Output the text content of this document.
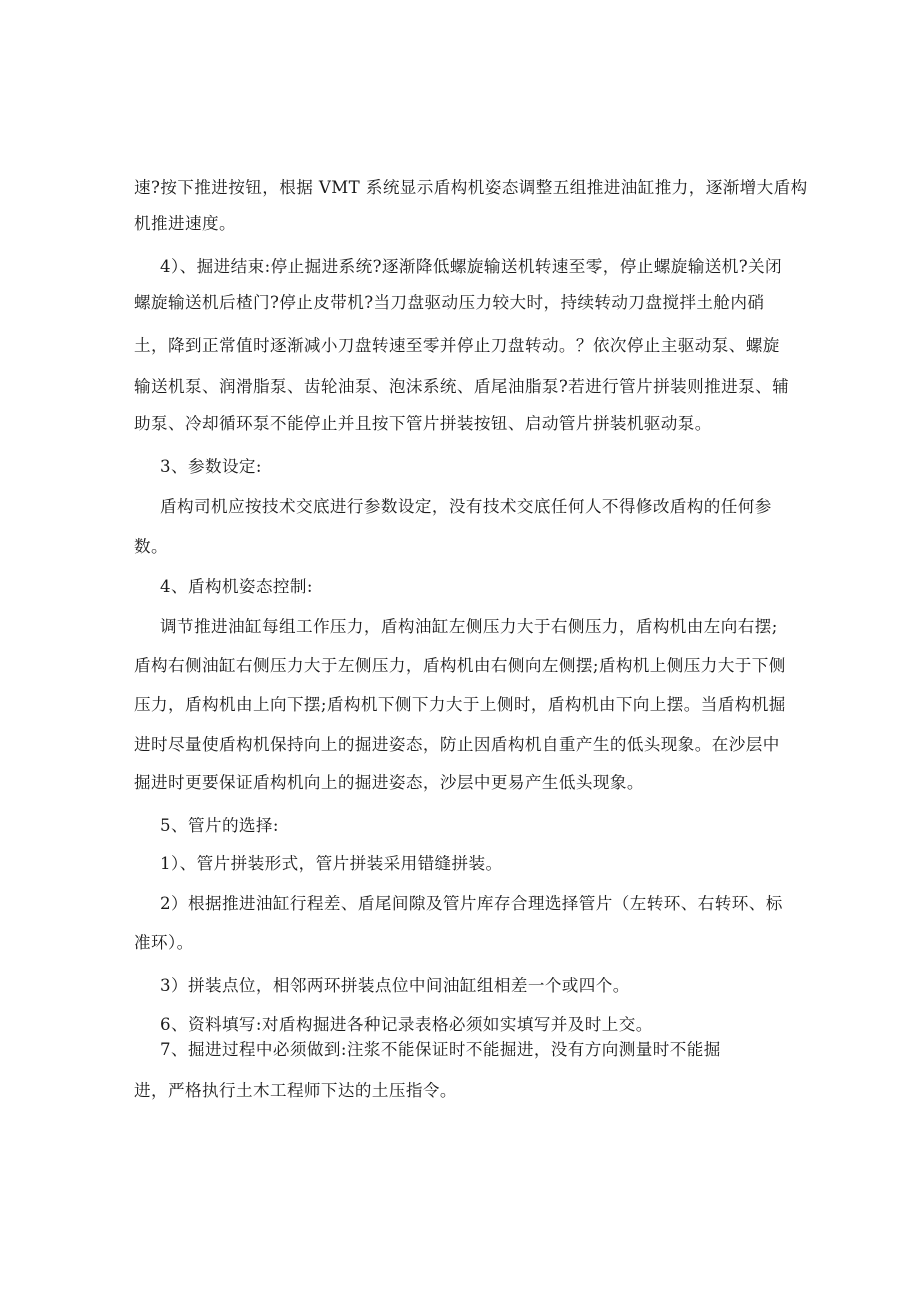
速?按下推进按钮，根据 VMT 系统显示盾构机姿态调整五组推进油缸推力，逐渐增大盾构

机推进速度。

4）、掘进结束:停止掘进系统?逐渐降低螺旋输送机转速至零，停止螺旋输送机?关闭

螺旋输送机后楂门?停止皮带机?当刀盘驱动压力较大时，持续转动刀盘搅拌土舱内硝

土，降到正常值时逐渐减小刀盘转速至零并停止刀盘转动。？依次停止主驱动泵、螺旋

输送机泵、润滑脂泵、齿轮油泵、泡沫系统、盾尾油脂泵?若进行管片拼装则推进泵、辅

助泵、冷却循环泵不能停止并且按下管片拼装按钮、启动管片拼装机驱动泵。

3、参数设定:

盾构司机应按技术交底进行参数设定，没有技术交底任何人不得修改盾构的任何参

数。

4、盾构机姿态控制:

调节推进油缸每组工作压力，盾构油缸左侧压力大于右侧压力，盾构机由左向右摆;

盾构右侧油缸右侧压力大于左侧压力，盾构机由右侧向左侧摆;盾构机上侧压力大于下侧

压力，盾构机由上向下摆;盾构机下侧下力大于上侧时，盾构机由下向上摆。当盾构机掘

进时尽量使盾构机保持向上的掘进姿态，防止因盾构机自重产生的低头现象。在沙层中

掘进时更要保证盾构机向上的掘进姿态，沙层中更易产生低头现象。

5、管片的选择:

1）、管片拼装形式，管片拼装采用错缝拼装。

2）根据推进油缸行程差、盾尾间隙及管片库存合理选择管片（左转环、右转环、标

准环）。

3）拼装点位，相邻两环拼装点位中间油缸组相差一个或四个。

6、资料填写:对盾构掘进各种记录表格必须如实填写并及时上交。

7、掘进过程中必须做到:注浆不能保证时不能掘进，没有方向测量时不能掘

进，严格执行土木工程师下达的土压指令。
